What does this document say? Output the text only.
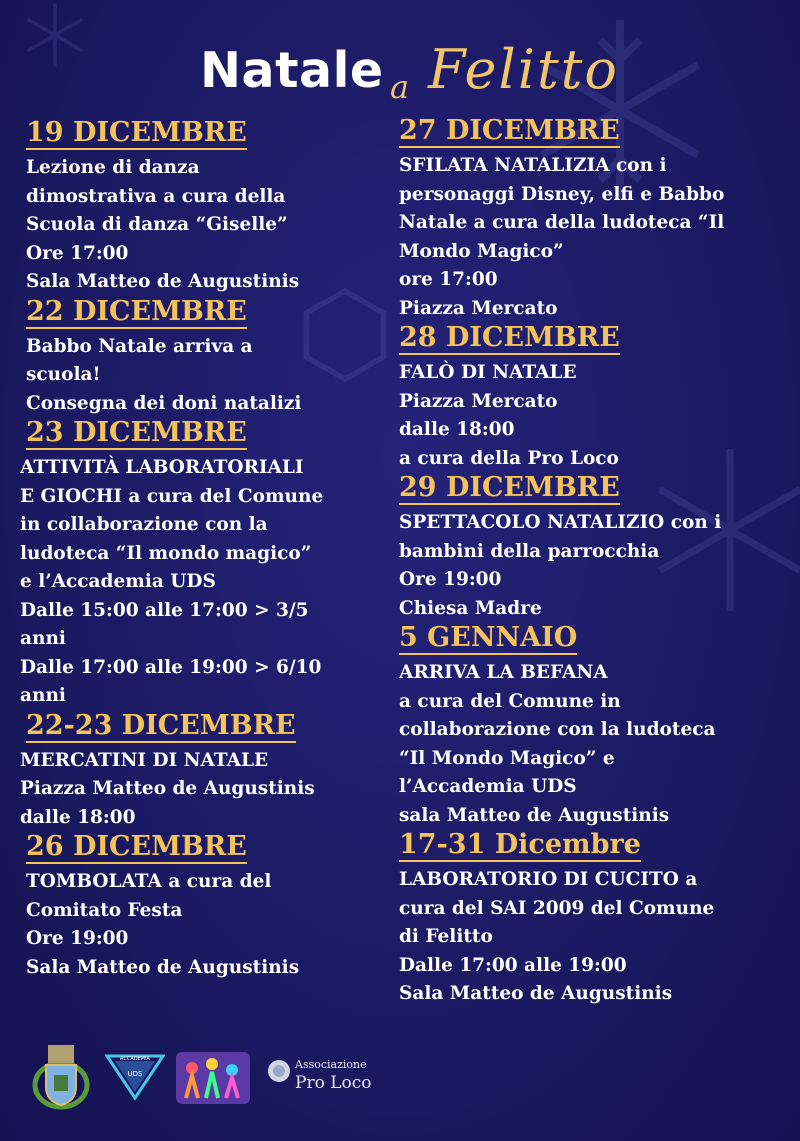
Natale a Felitto
19 DICEMBRE
Lezione di danza
dimostrativa a cura della
Scuola di danza “Giselle”
Ore 17:00
Sala Matteo de Augustinis
22 DICEMBRE
Babbo Natale arriva a
scuola!
Consegna dei doni natalizi
23 DICEMBRE
ATTIVITÀ LABORATORIALI
E GIOCHI a cura del Comune
in collaborazione con la
ludoteca “Il mondo magico”
e l’Accademia UDS
Dalle 15:00 alle 17:00 > 3/5
anni
Dalle 17:00 alle 19:00 > 6/10
anni
22-23 DICEMBRE
MERCATINI DI NATALE
Piazza Matteo de Augustinis
dalle 18:00
26 DICEMBRE
TOMBOLATA a cura del
Comitato Festa
Ore 19:00
Sala Matteo de Augustinis
27 DICEMBRE
SFILATA NATALIZIA con i
personaggi Disney, elfi e Babbo
Natale a cura della ludoteca “Il
Mondo Magico”
ore 17:00
Piazza Mercato
28 DICEMBRE
FALÒ DI NATALE
Piazza Mercato
dalle 18:00
a cura della Pro Loco
29 DICEMBRE
SPETTACOLO NATALIZIO con i
bambini della parrocchia
Ore 19:00
Chiesa Madre
5 GENNAIO
ARRIVA LA BEFANA
a cura del Comune in
collaborazione con la ludoteca
“Il Mondo Magico” e
l’Accademia UDS
sala Matteo de Augustinis
17-31 Dicembre
LABORATORIO DI CUCITO a
cura del SAI 2009 del Comune
di Felitto
Dalle 17:00 alle 19:00
Sala Matteo de Augustinis
ACCADEMIA
UDS
Associazione
Pro Loco
